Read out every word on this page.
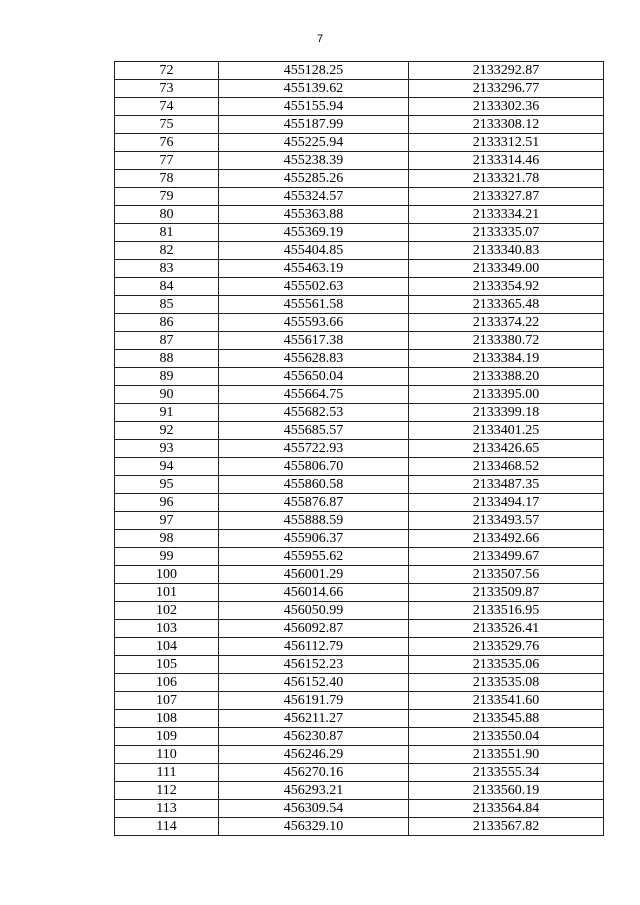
7
72	455128.25	2133292.87
73	455139.62	2133296.77
74	455155.94	2133302.36
75	455187.99	2133308.12
76	455225.94	2133312.51
77	455238.39	2133314.46
78	455285.26	2133321.78
79	455324.57	2133327.87
80	455363.88	2133334.21
81	455369.19	2133335.07
82	455404.85	2133340.83
83	455463.19	2133349.00
84	455502.63	2133354.92
85	455561.58	2133365.48
86	455593.66	2133374.22
87	455617.38	2133380.72
88	455628.83	2133384.19
89	455650.04	2133388.20
90	455664.75	2133395.00
91	455682.53	2133399.18
92	455685.57	2133401.25
93	455722.93	2133426.65
94	455806.70	2133468.52
95	455860.58	2133487.35
96	455876.87	2133494.17
97	455888.59	2133493.57
98	455906.37	2133492.66
99	455955.62	2133499.67
100	456001.29	2133507.56
101	456014.66	2133509.87
102	456050.99	2133516.95
103	456092.87	2133526.41
104	456112.79	2133529.76
105	456152.23	2133535.06
106	456152.40	2133535.08
107	456191.79	2133541.60
108	456211.27	2133545.88
109	456230.87	2133550.04
110	456246.29	2133551.90
111	456270.16	2133555.34
112	456293.21	2133560.19
113	456309.54	2133564.84
114	456329.10	2133567.82
